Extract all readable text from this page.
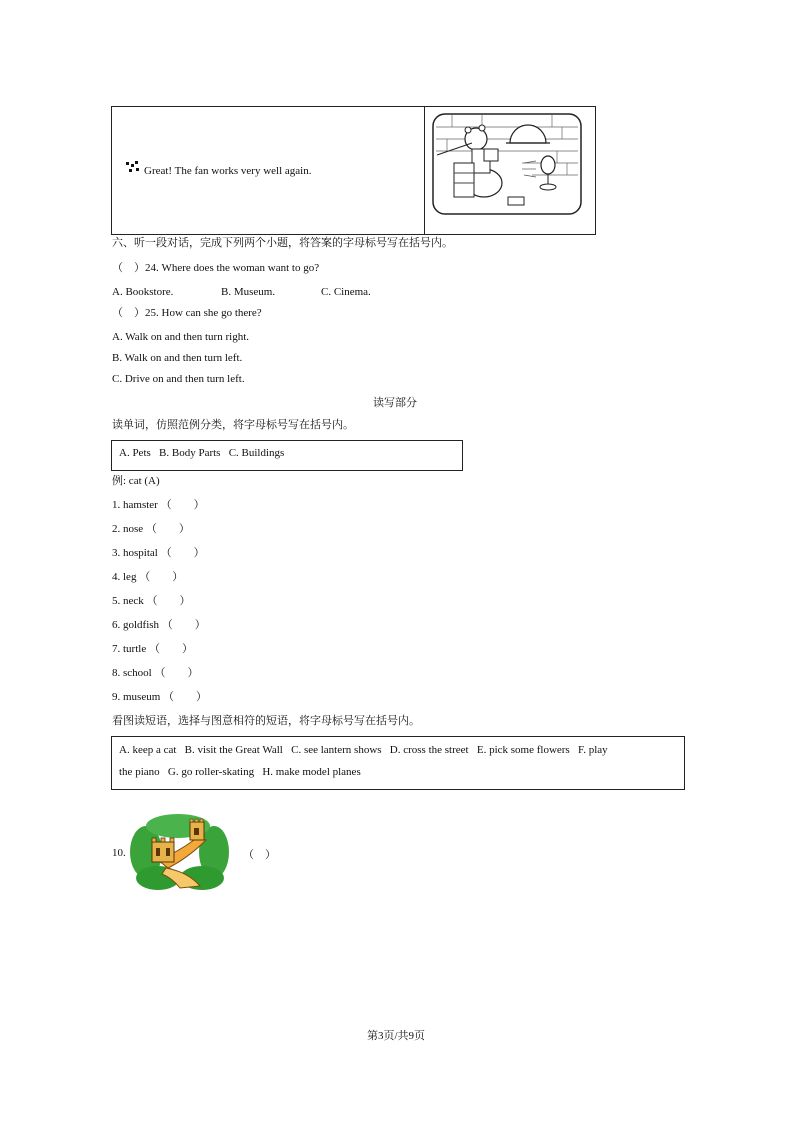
Great! The fan works very well again.
六、听一段对话，完成下列两个小题，将答案的字母标号写在括号内。
（　）24. Where does the woman want to go?
A. Bookstore.	B. Museum.	C. Cinema.
（　）25. How can she go there?
A. Walk on and then turn right.
B. Walk on and then turn left.
C. Drive on and then turn left.
读写部分
读单词，仿照范例分类，将字母标号写在括号内。
A. Pets   B. Body Parts   C. Buildings
例: cat (A)
1. hamster （　　）
2. nose （　　）
3. hospital （　　）
4. leg （　　）
5. neck （　　）
6. goldfish （　　）
7. turtle （　　）
8. school （　　）
9. museum （　　）
看图读短语，选择与图意相符的短语，将字母标号写在括号内。
A. keep a cat   B. visit the Great Wall   C. see lantern shows   D. cross the street   E. pick some flowers   F. play
the piano   G. go roller-skating   H. make model planes
10.	（　）
第3页/共9页
